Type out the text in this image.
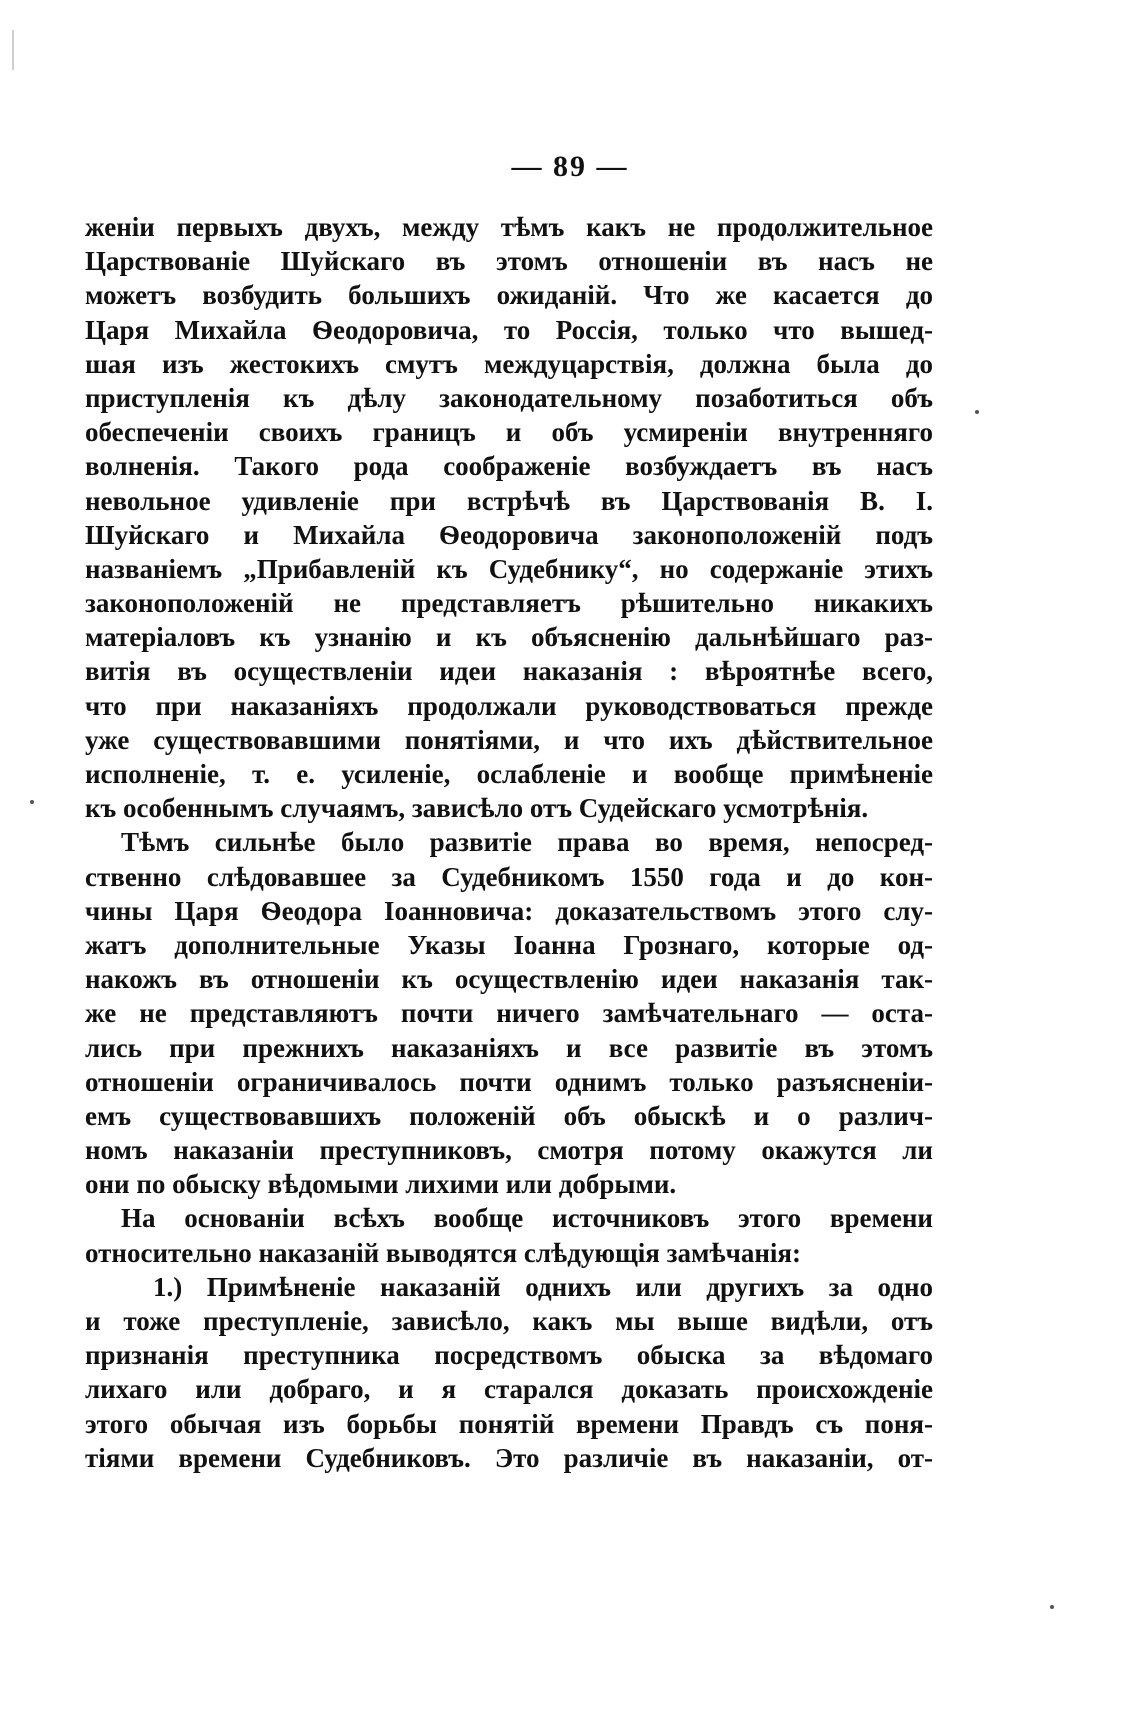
— 89 —
женіи первыхъ двухъ, между тѣмъ какъ не продолжительное
Царствованіе Шуйскаго въ этомъ отношеніи въ насъ не
можетъ возбудить большихъ ожиданій. Что же касается до
Царя Михайла Ѳеодоровича, то Россія, только что вышед-
шая изъ жестокихъ смутъ междуцарствія, должна была до
приступленія къ дѣлу законодательному позаботиться объ
обеспеченіи своихъ границъ и объ усмиреніи внутренняго
волненія. Такого рода соображеніе возбуждаетъ въ насъ
невольное удивленіе при встрѣчѣ въ Царствованія В. І.
Шуйскаго и Михайла Ѳеодоровича законоположеній подъ
названіемъ „Прибавленій къ Судебнику“, но содержаніе этихъ
законоположеній не представляетъ рѣшительно никакихъ
матеріаловъ къ узнанію и къ объясненію дальнѣйшаго раз-
витія въ осуществленіи идеи наказанія : вѣроятнѣе всего,
что при наказаніяхъ продолжали руководствоваться прежде
уже существовавшими понятіями, и что ихъ дѣйствительное
исполненіе, т. е. усиленіе, ослабленіе и вообще примѣненіе
къ особеннымъ случаямъ, зависѣло отъ Судейскаго усмотрѣнія.
Тѣмъ сильнѣе было развитіе права во время, непосред-
ственно слѣдовавшее за Судебникомъ 1550 года и до кон-
чины Царя Ѳеодора Іоанновича: доказательствомъ этого слу-
жатъ дополнительные Указы Іоанна Грознаго, которые од-
накожъ въ отношеніи къ осуществленію идеи наказанія так-
же не представляютъ почти ничего замѣчательнаго — оста-
лись при прежнихъ наказаніяхъ и все развитіе въ этомъ
отношеніи ограничивалось почти однимъ только разъясненіи-
емъ существовавшихъ положеній объ обыскѣ и о различ-
номъ наказаніи преступниковъ, смотря потому окажутся ли
они по обыску вѣдомыми лихими или добрыми.
На основаніи всѣхъ вообще источниковъ этого времени
относительно наказаній выводятся слѣдующія замѣчанія:
1.) Примѣненіе наказаній однихъ или другихъ за одно
и тоже преступленіе, зависѣло, какъ мы выше видѣли, отъ
признанія преступника посредствомъ обыска за вѣдомаго
лихаго или добраго, и я старался доказать происхожденіе
этого обычая изъ борьбы понятій времени Правдъ съ поня-
тіями времени Судебниковъ. Это различіе въ наказаніи, от-
